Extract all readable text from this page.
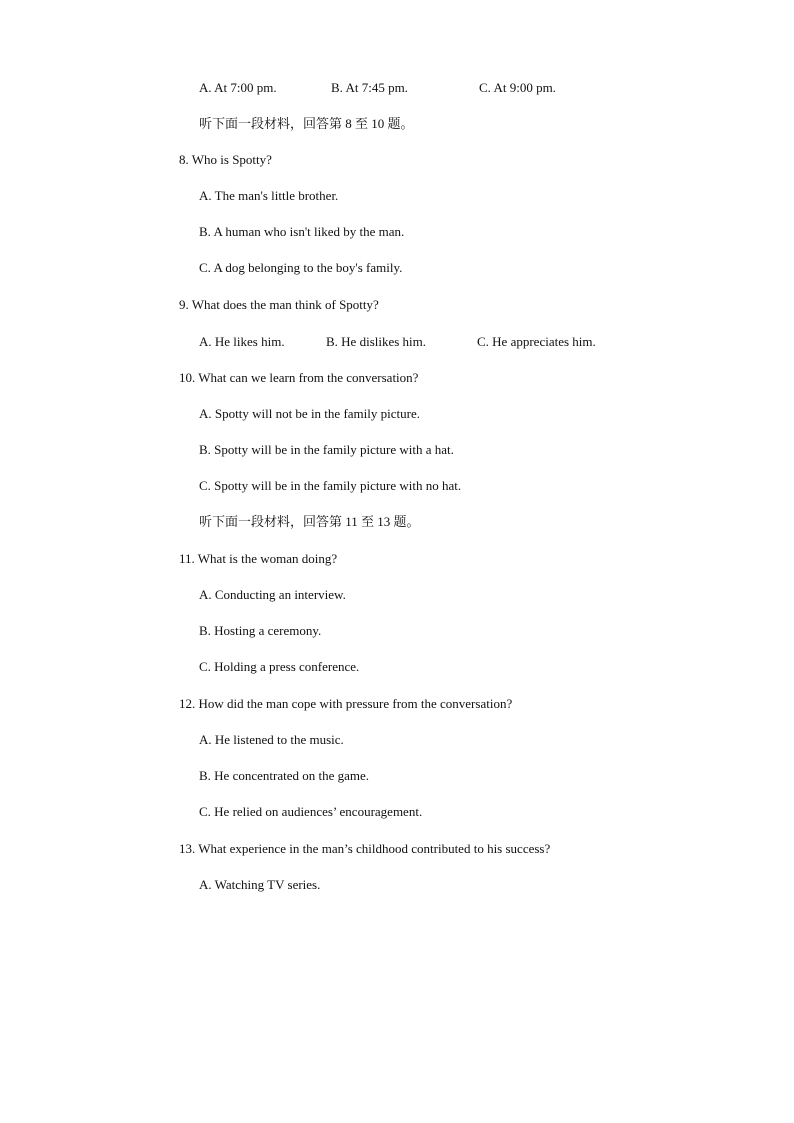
A. At 7:00 pm.	B. At 7:45 pm.	C. At 9:00 pm.
听下面一段材料，回答第 8 至 10 题。
8. Who is Spotty?
A. The man's little brother.
B. A human who isn't liked by the man.
C. A dog belonging to the boy's family.
9. What does the man think of Spotty?
A. He likes him.	B. He dislikes him.	C. He appreciates him.
10. What can we learn from the conversation?
A. Spotty will not be in the family picture.
B. Spotty will be in the family picture with a hat.
C. Spotty will be in the family picture with no hat.
听下面一段材料，回答第 11 至 13 题。
11. What is the woman doing?
A. Conducting an interview.
B. Hosting a ceremony.
C. Holding a press conference.
12. How did the man cope with pressure from the conversation?
A. He listened to the music.
B. He concentrated on the game.
C. He relied on audiences’ encouragement.
13. What experience in the man’s childhood contributed to his success?
A. Watching TV series.
